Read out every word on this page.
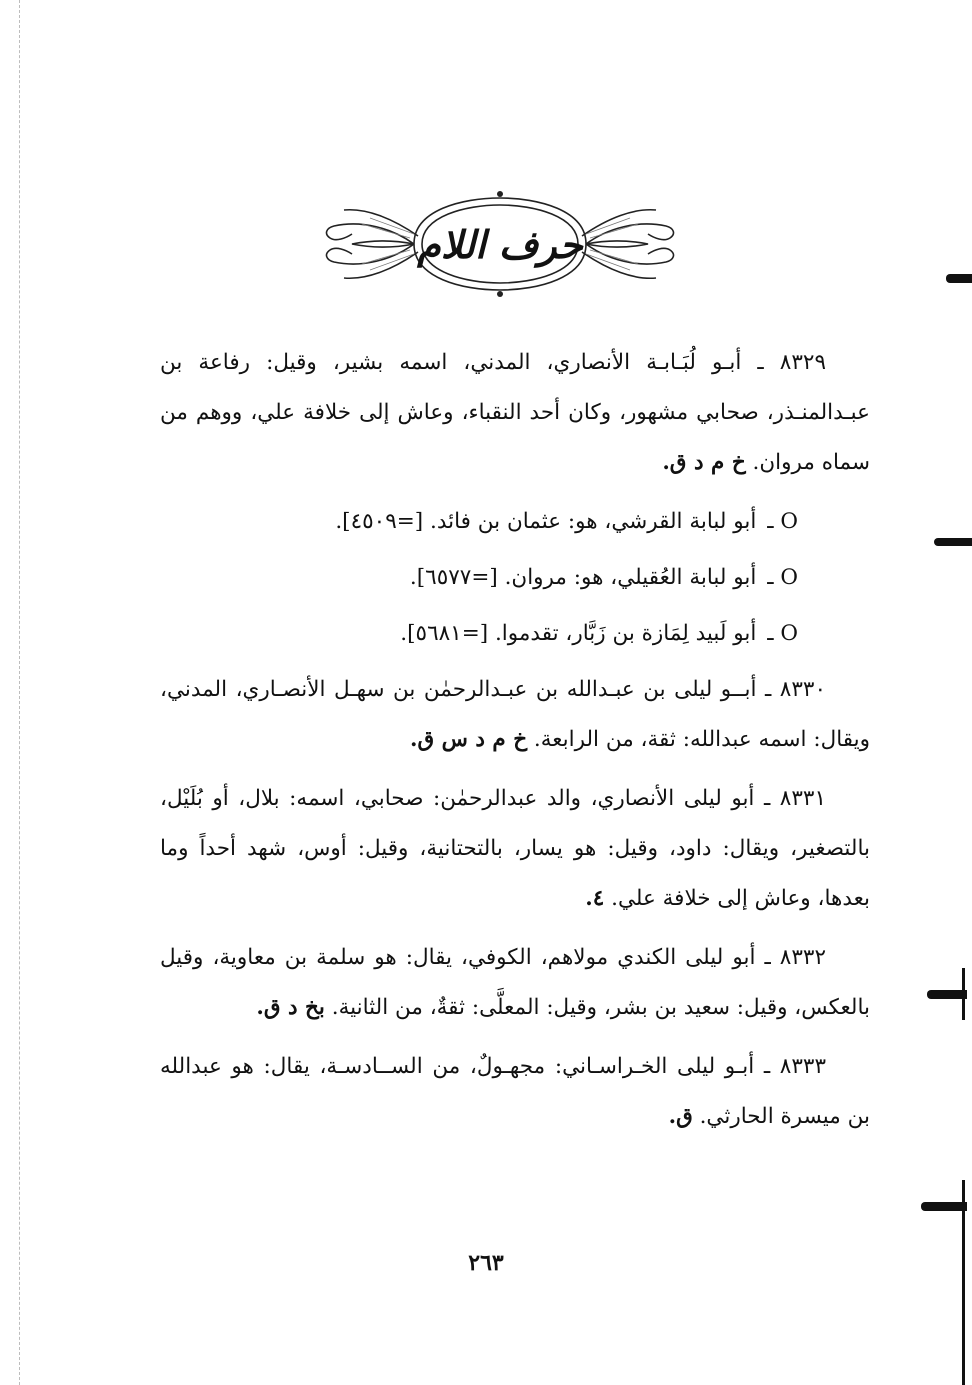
حرف اللام

٨٣٢٩ ـ أبـو لُبَـابـة الأنصاري، المدني، اسمه بشير، وقيل: رفاعة بن عبـدالمنـذر، صحابي مشهور، وكان أحد النقباء، وعاش إلى خلافة علي، ووهم من سماه مروان. خ م د ق.

O ـ أبو لبابة القرشي، هو: عثمان بن فائد. [=٤٥٠٩].

O ـ أبو لبابة العُقيلي، هو: مروان. [=٦٥٧٧].

O ـ أبو لَبيد لِمَازة بن زَبَّار، تقدموا. [=٥٦٨١].

٨٣٣٠ ـ أبــو ليلى بن عبـدالله بن عبـدالرحمٰن بن سهـل الأنصـاري، المدني، ويقال: اسمه عبدالله: ثقة، من الرابعة. خ م د س ق.

٨٣٣١ ـ أبو ليلى الأنصاري، والد عبدالرحمٰن: صحابي، اسمه: بلال، أو بُلَيْل، بالتصغير، ويقال: داود، وقيل: هو يسار، بالتحتانية، وقيل: أوس، شهد أحداً وما بعدها، وعاش إلى خلافة علي. ٤.

٨٣٣٢ ـ أبو ليلى الكندي مولاهم، الكوفي، يقال: هو سلمة بن معاوية، وقيل بالعكس، وقيل: سعيد بن بشر، وقيل: المعلَّى: ثقةٌ، من الثانية. بخ د ق.

٨٣٣٣ ـ أبـو ليلى الخـراسـاني: مجهـولٌ، من الســادسـة، يقال: هو عبدالله بن ميسرة الحارثي. ق.

٢٦٣
